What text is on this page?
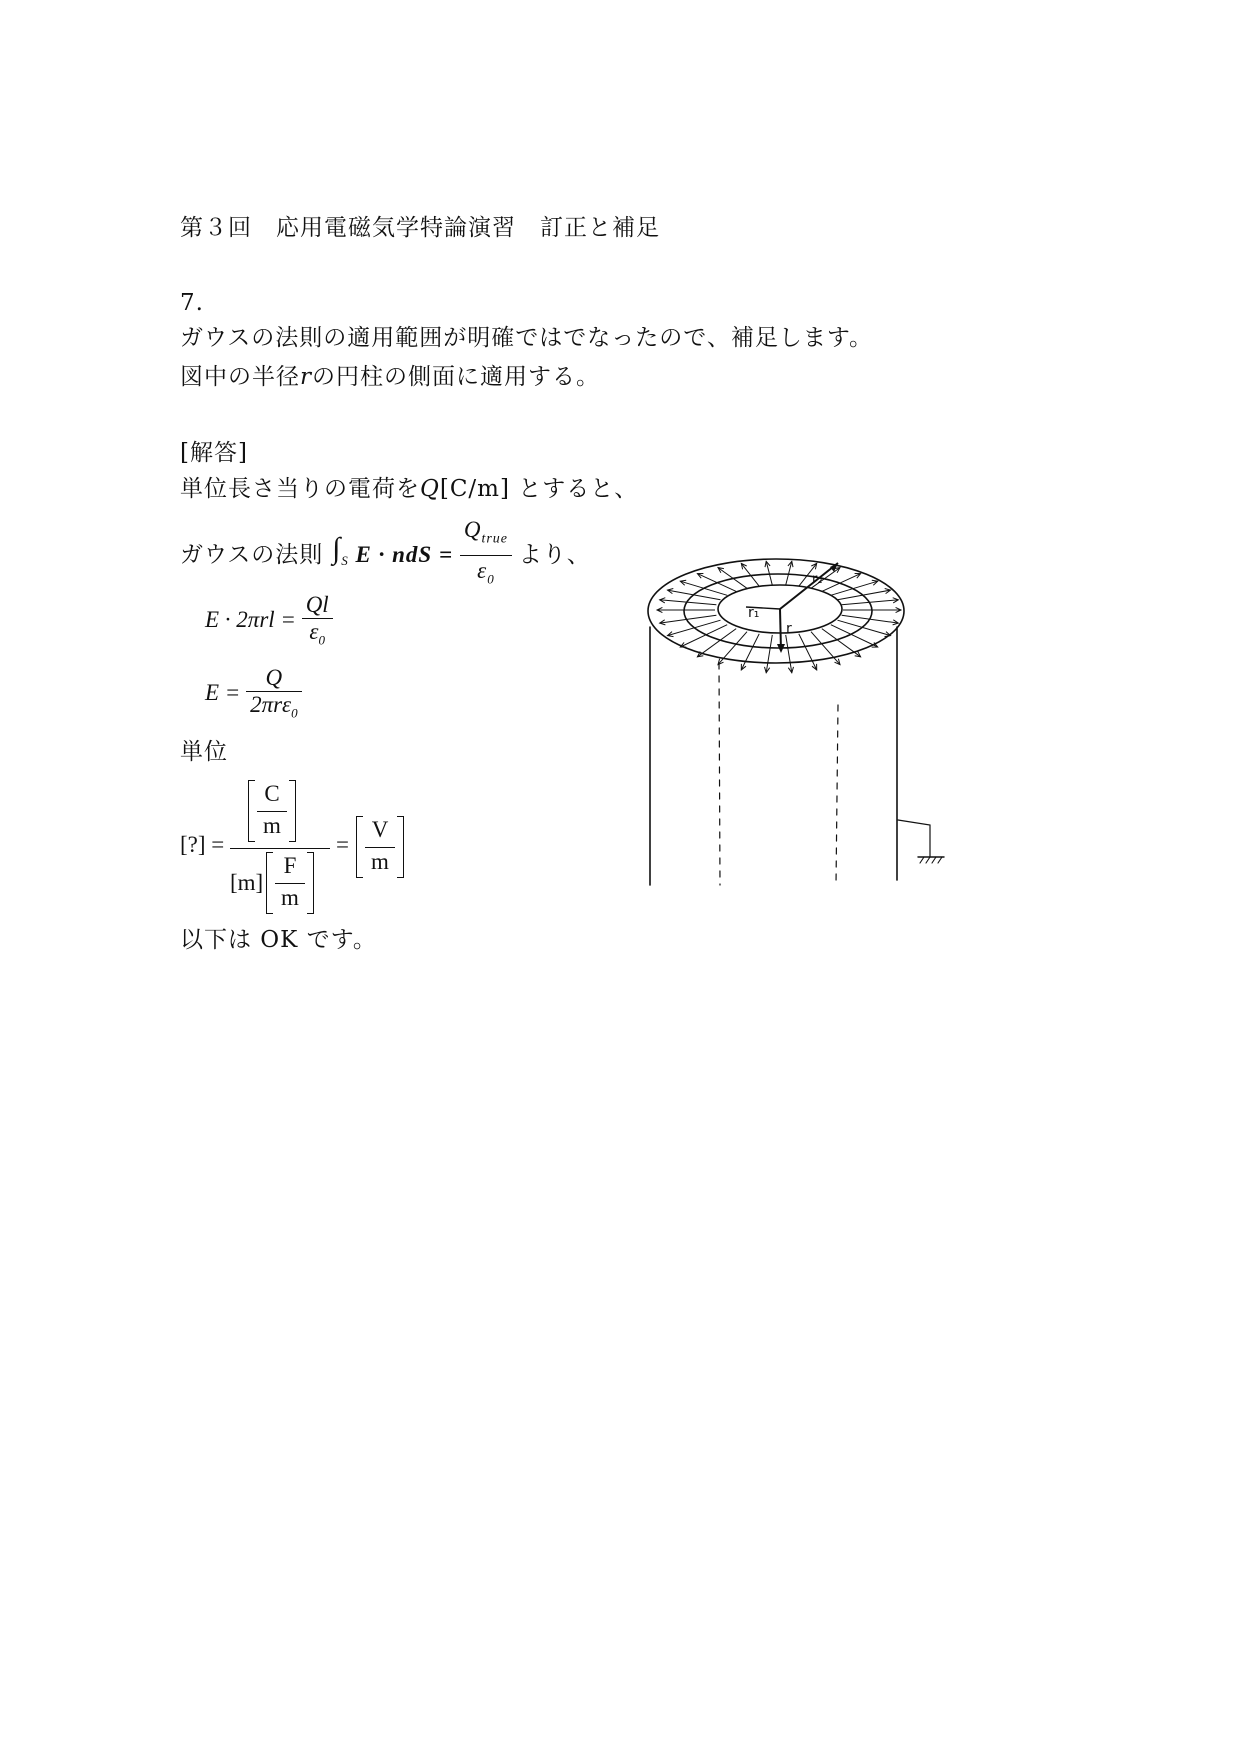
第３回　応用電磁気学特論演習　訂正と補足
7.
ガウスの法則の適用範囲が明確ではでなったので、補足します。
図中の半径rの円柱の側面に適用する。
[解答]
単位長さ当りの電荷をQ[C/m] とすると、
ガウスの法則 $\int_S$ E · ndS = $\frac{Q_{true}}{\varepsilon_0}$ より、
$E \cdot 2\pi rl = \frac{Ql}{\varepsilon_0}$
$E = \frac{Q}{2\pi r\varepsilon_0}$
単位
[?] =
C
m
[m]
F
m
=
V
m
以下は OK です。
r₁
r
r₂
